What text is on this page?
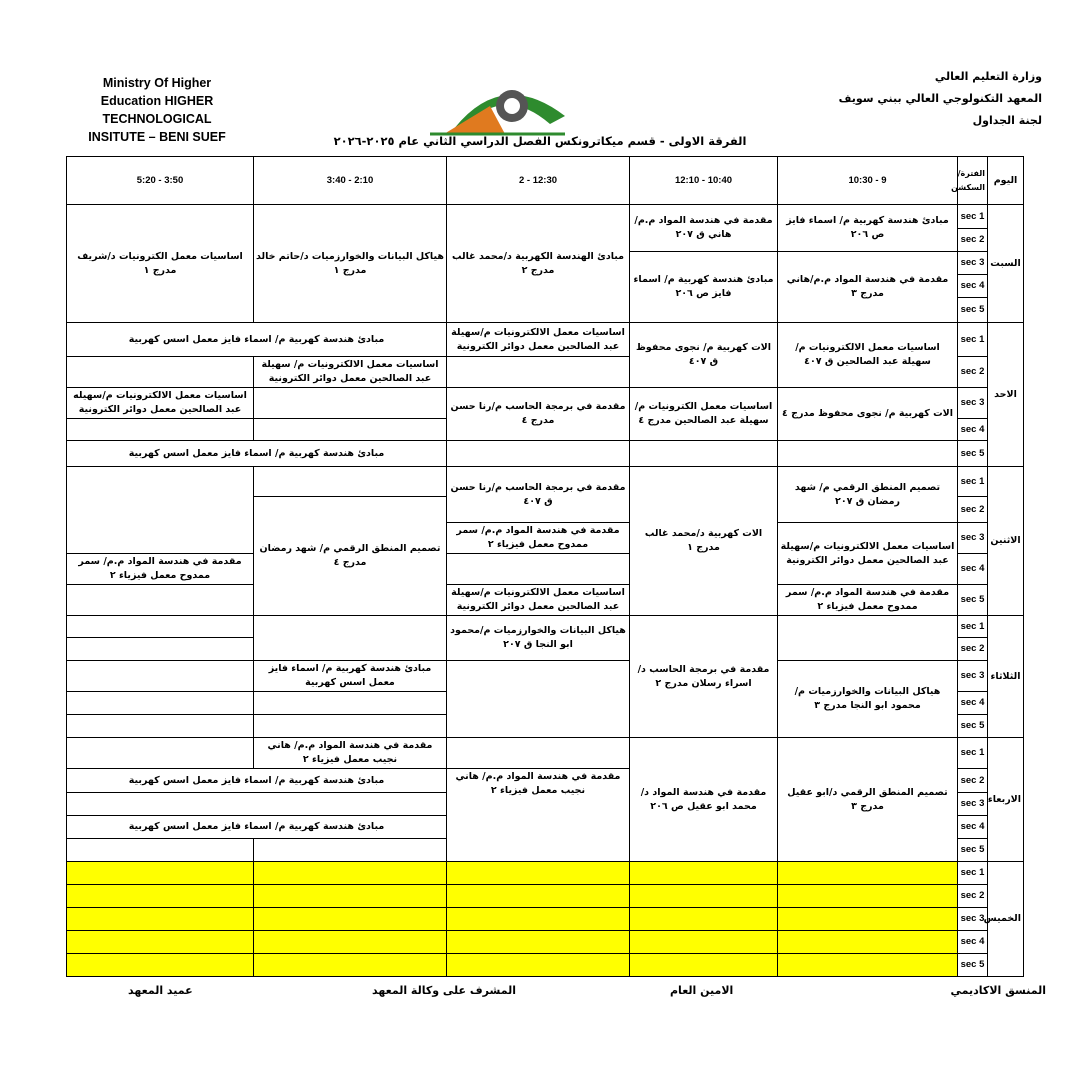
Ministry Of Higher
Education HIGHER
TECHNOLOGICAL
INSITUTE – BENI SUEF
وزارة التعليم العالي
المعهد التكنولوجي العالي ببني سويف
لجنة الجداول
الفرقة الاولى - قسم ميكاترونكس الفصل الدراسي الثاني عام ٢٠٢٥-٢٠٢٦
3:50 - 5:20	2:10 - 3:40	12:30 - 2	10:40 - 12:10	9 - 10:30	الفترة/ السكشن	اليوم
اساسيات معمل الكترونيات د/شريف مدرج ١	هياكل البيانات والخوارزميات د/حاتم خالد مدرج ١	مبادئ الهندسة الكهربية د/محمد غالب مدرج ٢	مقدمة في هندسة المواد م.م/هاني ق ٢٠٧	مبادئ هندسة كهربية م/ اسماء فايز ص ٢٠٦	sec 1	السبت
					sec 2	
			مبادئ هندسة كهربية م/ اسماء فايز ص ٢٠٦	مقدمة في هندسة المواد م.م/هاني مدرج ٣	sec 3	
					sec 4	
					sec 5	
مبادئ هندسة كهربية م/ اسماء فايز معمل اسس كهربية		اساسيات معمل الالكترونيات م/سهيلة عبد الصالحين معمل دوائر الكترونية	الات كهربية م/ نجوى محفوظ ق ٤٠٧	اساسيات معمل الالكترونيات م/ سهيلة عبد الصالحين ق ٤٠٧	sec 1	الاحد
	اساسيات معمل الالكترونيات م/ سهيلة عبد الصالحين معمل دوائر الكترونية				sec 2	
اساسيات معمل الالكترونيات م/سهيله عبد الصالحين معمل دوائر الكترونية		مقدمة في برمجة الحاسب م/رنا حسن مدرج ٤	اساسيات معمل الكترونيات م/ سهيلة عبد الصالحين مدرج ٤	الات كهربية م/ نجوى محفوظ مدرج ٤	sec 3	
					sec 4	
مبادئ هندسة كهربية م/ اسماء فايز معمل اسس كهربية					sec 5	
		مقدمة في برمجة الحاسب م/رنا حسن ق ٤٠٧	الات كهربية د/محمد غالب مدرج ١	تصميم المنطق الرقمي م/ شهد رمضان ق ٢٠٧	sec 1	الاثنين
	تصميم المنطق الرقمي م/ شهد رمضان مدرج ٤				sec 2	
		مقدمة في هندسة المواد م.م/ سمر ممدوح معمل فيزياء ٢		اساسيات معمل الالكترونيات م/سهيلة عبد الصالحين معمل دوائر الكترونية	sec 3	
مقدمة في هندسة المواد م.م/ سمر ممدوح معمل فيزياء ٢					sec 4	
		اساسيات معمل الالكترونيات م/سهيلة عبد الصالحين معمل دوائر الكترونية		مقدمة في هندسة المواد م.م/ سمر ممدوح معمل فيزياء ٢	sec 5	
		هياكل البيانات والخوارزميات م/محمود ابو النجا ق ٢٠٧	مقدمة في برمجة الحاسب د/اسراء رسلان مدرج ٢		sec 1	الثلاثاء
					sec 2	
	مبادئ هندسة كهربية م/ اسماء فايز معمل اسس كهربية			هياكل البيانات والخوارزميات م/محمود ابو النجا مدرج ٣	sec 3	
					sec 4	
					sec 5	
	مقدمة في هندسة المواد م.م/ هاني نجيب معمل فيزياء ٢		مقدمة في هندسة المواد د/محمد ابو عقيل ص ٢٠٦	تصميم المنطق الرقمي د/ابو عقيل مدرج ٣	sec 1	الاربعاء
مبادئ هندسة كهربية م/ اسماء فايز معمل اسس كهربية		مقدمة في هندسة المواد م.م/ هاني نجيب معمل فيزياء ٢			sec 2	
					sec 3	
مبادئ هندسة كهربية م/ اسماء فايز معمل اسس كهربية					sec 4	
					sec 5	
					sec 1	الخميس
					sec 2	
					sec 3	
					sec 4	
					sec 5	
المنسق الاكاديمي
الامين العام
المشرف على وكالة المعهد
عميد المعهد
